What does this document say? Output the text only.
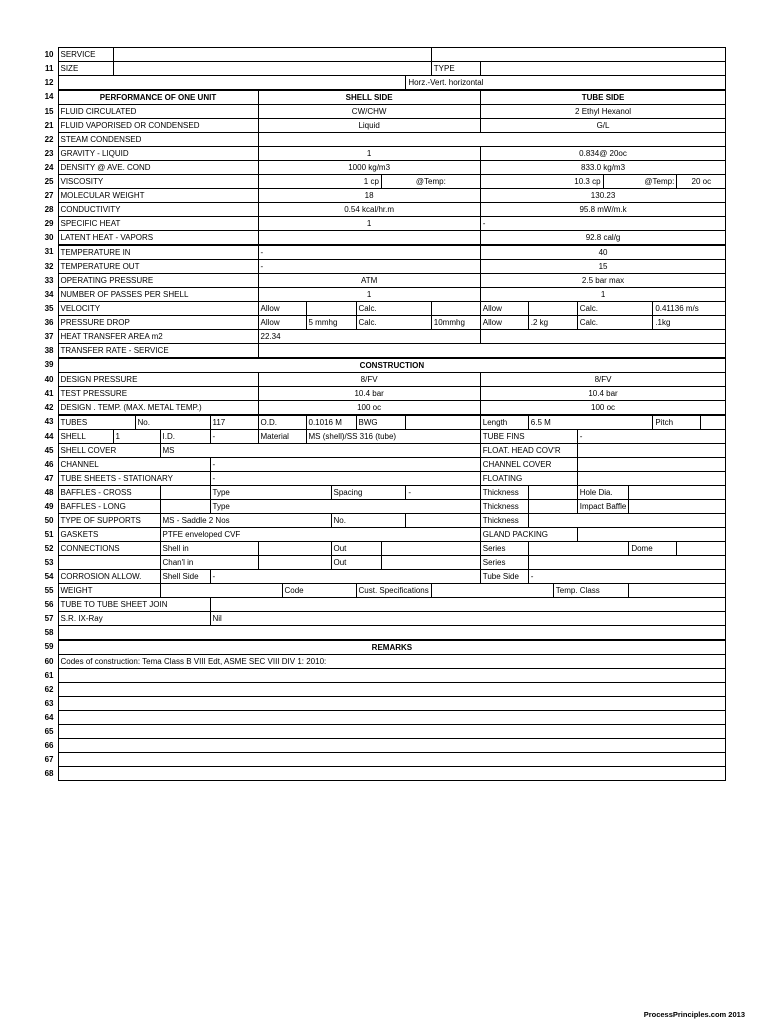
10	SERVICE																					
11	SIZE												TYPE									
12												Horz.-Vert. horizontal										
14	PERFORMANCE OF ONE UNIT					SHELL SIDE								TUBE SIDE								
15	FLUID CIRCULATED					CW/CHW								2 Ethyl Hexanol								
21	FLUID VAPORISED OR CONDENSED					Liquid								G/L								
22	STEAM CONDENSED																					
23	GRAVITY - LIQUID					1								0.834@ 20oc								
24	DENSITY @ AVE. COND					1000 kg/m3								833.0 kg/m3								
25	VISCOSITY					1 cp					@Temp:			10.3 cp				@Temp:			20 oc	
27	MOLECULAR WEIGHT					18								130.23								
28	CONDUCTIVITY					0.54 kcal/hr.m								95.8 mW/m.k								
29	SPECIFIC HEAT					1								-								
30	LATENT HEAT - VAPORS													92.8 cal/g								
31	TEMPERATURE IN					-								40								
32	TEMPERATURE OUT					-								15								
33	OPERATING PRESSURE					ATM								2.5 bar max								
34	NUMBER OF PASSES PER SHELL					1								1								
35	VELOCITY					Allow				Calc.				Allow			Calc.			0.41136 m/s		
36	PRESSURE DROP					Allow		5 mmhg		Calc.			10mmhg	Allow	.2 kg		Calc.			.1kg		
37	HEAT TRANSFER AREA m2					22.34																
38	TRANSFER RATE - SERVICE																					
39	CONSTRUCTION																					
40	DESIGN PRESSURE					8/FV								8/FV								
41	TEST PRESSURE					10.4 bar								10.4 bar								
42	DESIGN . TEMP. (MAX. METAL TEMP.)					100 oc								100 oc								
43	TUBES		No.		117	O.D.		0.1016 M		BWG				Length	6.5 M					Pitch		
44	SHELL	1		I.D.	-	Material		MS (shell)/SS 316 (tube)						TUBE FINS			-					
45	SHELL COVER			MS										FLOAT. HEAD COV'R								
46	CHANNEL				-									CHANNEL COVER								
47	TUBE SHEETS - STATIONARY				-									FLOATING								
48	BAFFLES - CROSS				Type				Spacing			-		Thickness			Hole Dia.					
49	BAFFLES - LONG				Type									Thickness			Impact Baffle					
50	TYPE OF SUPPORTS			MS - Saddle 2 Nos					No.					Thickness								
51	GASKETS			PTFE enveloped CVF										GLAND PACKING								
52	CONNECTIONS			Shell in					Out					Series					Dome			
53				Chan'l in					Out					Series								
54	CORROSION ALLOW.			Shell Side	-									Tube Side	-							
55	WEIGHT						Code			Cust. Specifications						Temp. Class						
56	TUBE TO TUBE SHEET JOIN																					
57	S.R. IX-Ray				Nil																	
58																						
59	REMARKS																					
60	Codes of construction: Tema Class B VIII Edt, ASME SEC VIII DIV 1: 2010:																					
61																						
62																						
63																						
64																						
65																						
66																						
67																						
68																						
ProcessPrinciples.com 2013
